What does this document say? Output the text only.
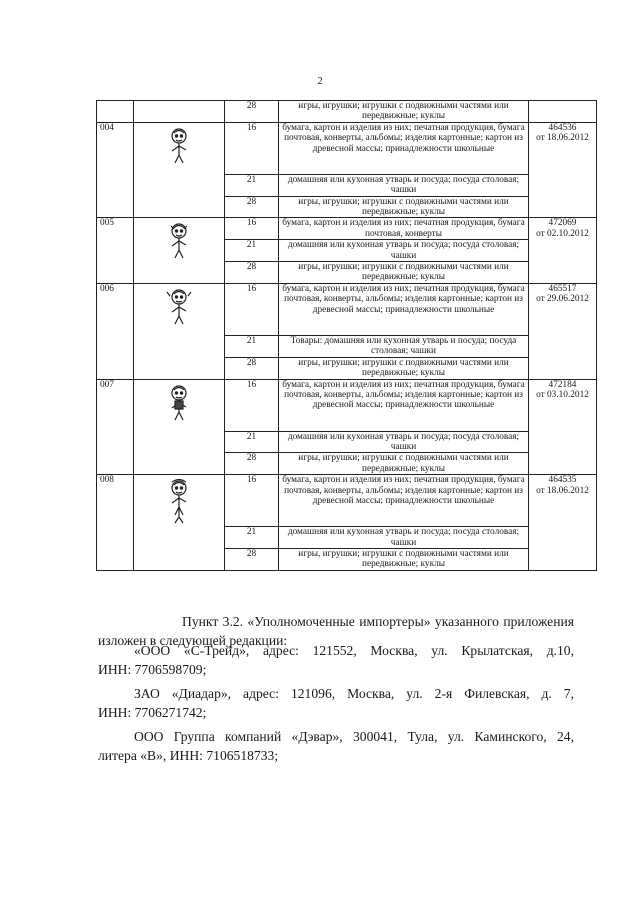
2
		28	игры, игрушки; игрушки с подвижными частями или передвижные; куклы	
004		16	бумага, картон и изделия из них; печатная продукция, бумага почтовая, конверты, альбомы; изделия картонные; картон из древесной массы; принадлежности школьные	464536
от 18.06.2012

		21	домашняя или кухонная утварь и посуда; посуда столовая; чашки	
		28	игры, игрушки; игрушки с подвижными частями или передвижные; куклы	
005		16	бумага, картон и изделия из них; печатная продукция, бумага почтовая, конверты	472069
от 02.10.2012

		21	домашняя или кухонная утварь и посуда; посуда столовая; чашки	
		28	игры, игрушки; игрушки с подвижными частями или передвижные; куклы	
006		16	бумага, картон и изделия из них; печатная продукция, бумага почтовая, конверты, альбомы; изделия картонные; картон из древесной массы; принадлежности школьные	465517
от 29.06.2012

		21	Товары: домашняя или кухонная утварь и посуда; посуда столовая; чашки	
		28	игры, игрушки; игрушки с подвижными частями или передвижные; куклы	
007		16	бумага, картон и изделия из них; печатная продукция, бумага почтовая, конверты, альбомы; изделия картонные; картон из древесной массы; принадлежности школьные	472184
от 03.10.2012

		21	домашняя или кухонная утварь и посуда; посуда столовая; чашки	
		28	игры, игрушки; игрушки с подвижными частями или передвижные; куклы	
008		16	бумага, картон и изделия из них; печатная продукция, бумага почтовая, конверты, альбомы; изделия картонные; картон из древесной массы; принадлежности школьные	464535
от 18.06.2012

		21	домашняя или кухонная утварь и посуда; посуда столовая; чашки	
		28	игры, игрушки; игрушки с подвижными частями или передвижные; куклы	
Пункт 3.2. «Уполномоченные импортеры» указанного приложения изложен в следующей редакции:
«ООО «С-Трейд», адрес: 121552, Москва, ул. Крылатская, д.10,
ИНН: 7706598709;
ЗАО «Диадар», адрес: 121096, Москва, ул. 2-я Филевская, д. 7,
ИНН: 7706271742;
ООО Группа компаний «Дэвар», 300041, Тула, ул. Каминского, 24,
литера «В», ИНН: 7106518733;
